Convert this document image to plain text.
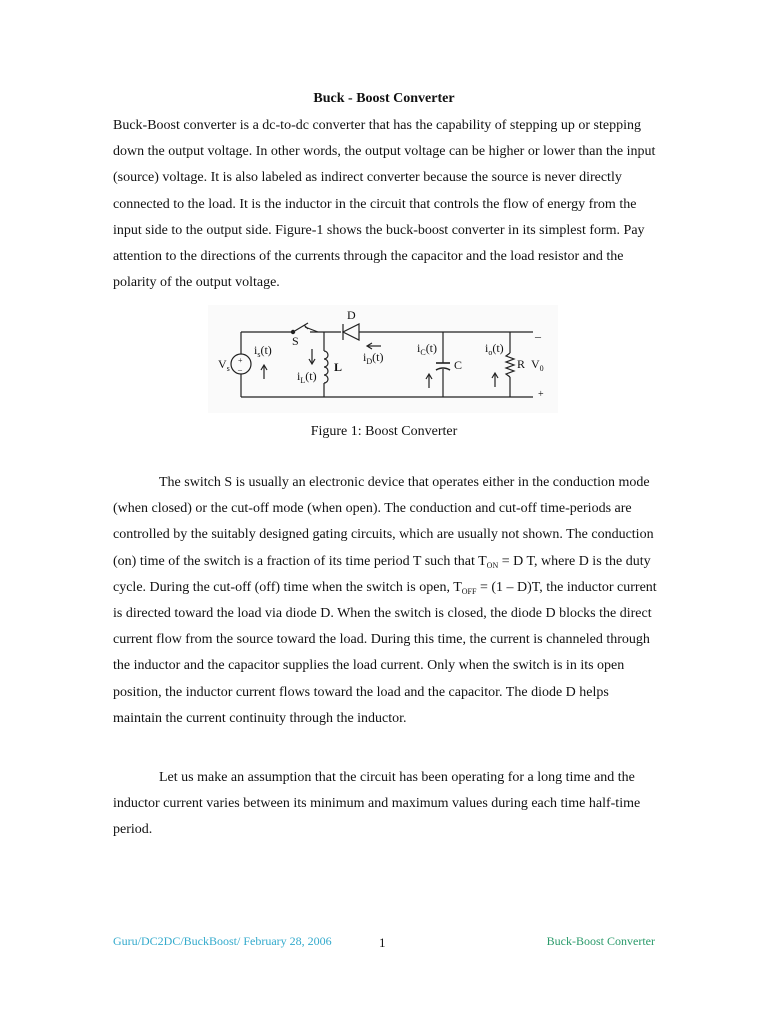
Buck - Boost Converter

Buck-Boost converter is a dc-to-dc converter that has the capability of stepping up or stepping down the output voltage. In other words, the output voltage can be higher or lower than the input (source) voltage. It is also labeled as indirect converter because the source is never directly connected to the load. It is the inductor in the circuit that controls the flow of energy from the input side to the output side. Figure-1 shows the buck-boost converter in its simplest form. Pay attention to the directions of the currents through the capacitor and the load resistor and the polarity of the output voltage.

+
–
$V_s$
$i_s(t)$
S
D
$i_L(t)$
L
$i_D(t)$
$i_C(t)$
C
$i_o(t)$
R $V_0$
–
+
Figure 1: Boost Converter

The switch S is usually an electronic device that operates either in the conduction mode (when closed) or the cut-off mode (when open). The conduction and cut-off time-periods are controlled by the suitably designed gating circuits, which are usually not shown. The conduction (on) time of the switch is a fraction of its time period T such that $T_{ON} = D$ T, where D is the duty cycle. During the cut-off (off) time when the switch is open, $T_{OFF} = (1 - D)T$, the inductor current is directed toward the load via diode D. When the switch is closed, the diode D blocks the direct current flow from the source toward the load. During this time, the current is channeled through the inductor and the capacitor supplies the load current. Only when the switch is in its open position, the inductor current flows toward the load and the capacitor. The diode D helps maintain the current continuity through the inductor.

Let us make an assumption that the circuit has been operating for a long time and the inductor current varies between its minimum and maximum values during each time half-time period.

Guru/DC2DC/BuckBoost/ February 28, 2006	1	Buck-Boost Converter
